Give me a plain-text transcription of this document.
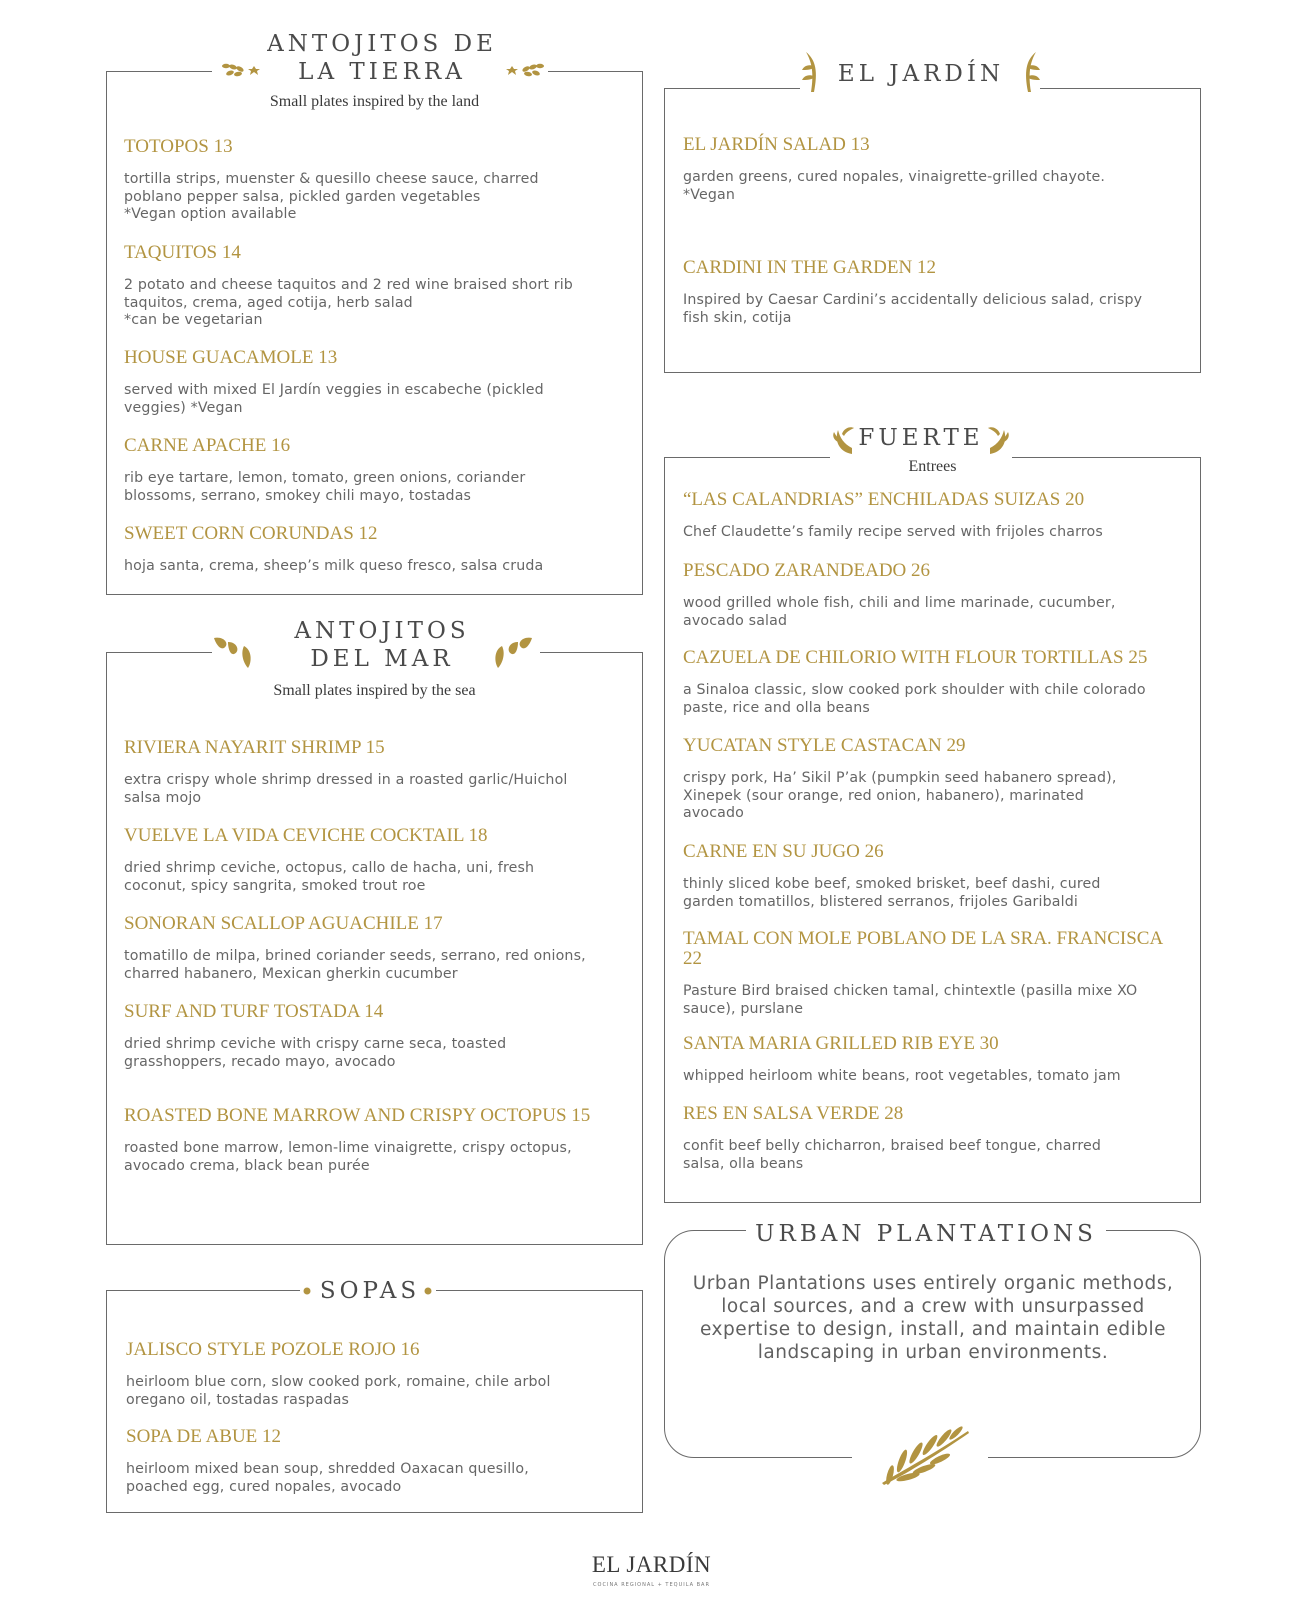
ANTOJITOS DE
LA TIERRA
Small plates inspired by the land
TOTOPOS 13
tortilla strips, muenster & quesillo cheese sauce, charred
poblano pepper salsa, pickled garden vegetables
*Vegan option available
TAQUITOS 14
2 potato and cheese taquitos and 2 red wine braised short rib
taquitos, crema, aged cotija, herb salad
*can be vegetarian
HOUSE GUACAMOLE 13
served with mixed El Jardín veggies in escabeche (pickled
veggies) *Vegan
CARNE APACHE 16
rib eye tartare, lemon, tomato, green onions, coriander
blossoms, serrano, smokey chili mayo, tostadas
SWEET CORN CORUNDAS 12
hoja santa, crema, sheep’s milk queso fresco, salsa cruda
ANTOJITOS
DEL MAR
Small plates inspired by the sea
RIVIERA NAYARIT SHRIMP 15
extra crispy whole shrimp dressed in a roasted garlic/Huichol
salsa mojo
VUELVE LA VIDA CEVICHE COCKTAIL 18
dried shrimp ceviche, octopus, callo de hacha, uni, fresh
coconut, spicy sangrita, smoked trout roe
SONORAN SCALLOP AGUACHILE 17
tomatillo de milpa, brined coriander seeds, serrano, red onions,
charred habanero, Mexican gherkin cucumber
SURF AND TURF TOSTADA 14
dried shrimp ceviche with crispy carne seca, toasted
grasshoppers, recado mayo, avocado
ROASTED BONE MARROW AND CRISPY OCTOPUS 15
roasted bone marrow, lemon-lime vinaigrette, crispy octopus,
avocado crema, black bean purée
SOPAS
JALISCO STYLE POZOLE ROJO 16
heirloom blue corn, slow cooked pork, romaine, chile arbol
oregano oil, tostadas raspadas
SOPA DE ABUE 12
heirloom mixed bean soup, shredded Oaxacan quesillo,
poached egg, cured nopales, avocado
EL JARDÍN
EL JARDÍN SALAD 13
garden greens, cured nopales, vinaigrette-grilled chayote.
*Vegan
CARDINI IN THE GARDEN 12
Inspired by Caesar Cardini’s accidentally delicious salad, crispy
fish skin, cotija
FUERTE
Entrees
“LAS CALANDRIAS” ENCHILADAS SUIZAS 20
Chef Claudette’s family recipe served with frijoles charros
PESCADO ZARANDEADO 26
wood grilled whole fish, chili and lime marinade, cucumber,
avocado salad
CAZUELA DE CHILORIO WITH FLOUR TORTILLAS 25
a Sinaloa classic, slow cooked pork shoulder with chile colorado
paste, rice and olla beans
YUCATAN STYLE CASTACAN 29
crispy pork, Ha’ Sikil P’ak (pumpkin seed habanero spread),
Xinepek (sour orange, red onion, habanero), marinated
avocado
CARNE EN SU JUGO 26
thinly sliced kobe beef, smoked brisket, beef dashi, cured
garden tomatillos, blistered serranos, frijoles Garibaldi
TAMAL CON MOLE POBLANO DE LA SRA. FRANCISCA
22
Pasture Bird braised chicken tamal, chintextle (pasilla mixe XO
sauce), purslane
SANTA MARIA GRILLED RIB EYE 30
whipped heirloom white beans, root vegetables, tomato jam
RES EN SALSA VERDE 28
confit beef belly chicharron, braised beef tongue, charred
salsa, olla beans
URBAN PLANTATIONS
Urban Plantations uses entirely organic methods, local sources, and a crew with unsurpassed expertise to design, install, and maintain edible landscaping in urban environments.
EL JARDÍN
COCINA REGIONAL + TEQUILA BAR
